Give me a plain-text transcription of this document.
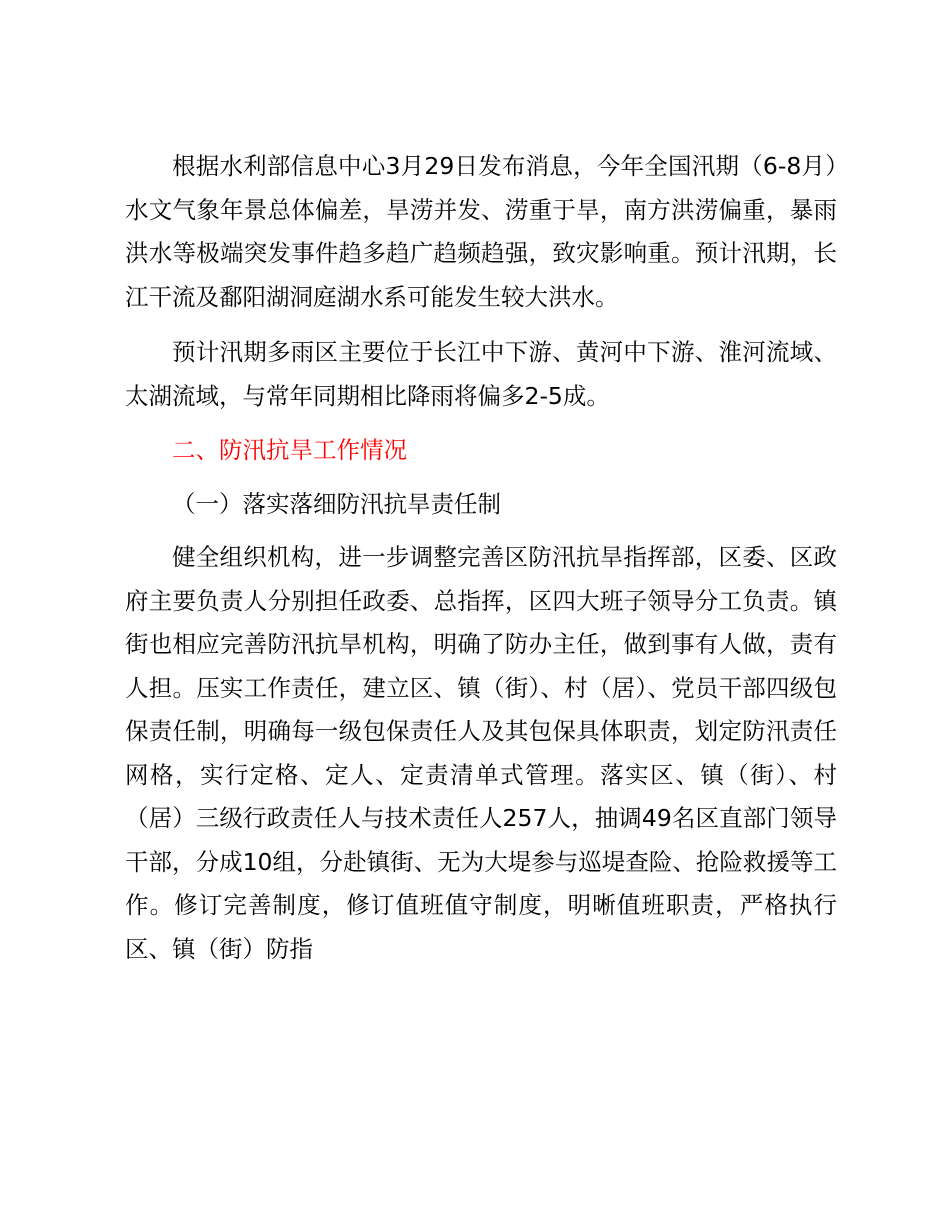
根据水利部信息中心3月29日发布消息，今年全国汛期（6-8月）水文气象年景总体偏差，旱涝并发、涝重于旱，南方洪涝偏重，暴雨洪水等极端突发事件趋多趋广趋频趋强，致灾影响重。预计汛期，长江干流及鄱阳湖洞庭湖水系可能发生较大洪水。

预计汛期多雨区主要位于长江中下游、黄河中下游、淮河流域、太湖流域，与常年同期相比降雨将偏多2-5成。

二、防汛抗旱工作情况

（一）落实落细防汛抗旱责任制

健全组织机构，进一步调整完善区防汛抗旱指挥部，区委、区政府主要负责人分别担任政委、总指挥，区四大班子领导分工负责。镇街也相应完善防汛抗旱机构，明确了防办主任，做到事有人做，责有人担。压实工作责任，建立区、镇（街）、村（居）、党员干部四级包保责任制，明确每一级包保责任人及其包保具体职责，划定防汛责任网格，实行定格、定人、定责清单式管理。落实区、镇（街）、村（居）三级行政责任人与技术责任人257人，抽调49名区直部门领导干部，分成10组，分赴镇街、无为大堤参与巡堤查险、抢险救援等工作。修订完善制度，修订值班值守制度，明晰值班职责，严格执行区、镇（街）防指
